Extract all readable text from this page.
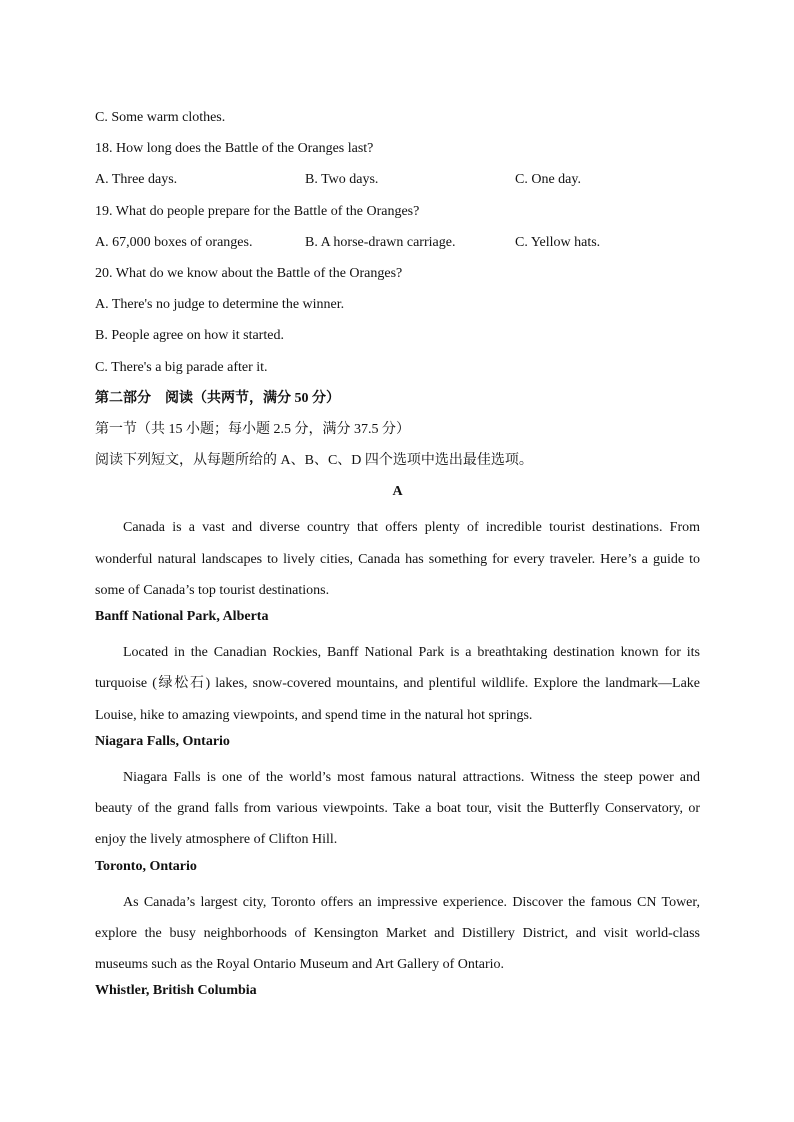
C. Some warm clothes.
18. How long does the Battle of the Oranges last?
A. Three days.	B. Two days.	C. One day.
19. What do people prepare for the Battle of the Oranges?
A. 67,000 boxes of oranges.	B. A horse-drawn carriage.	C. Yellow hats.
20. What do we know about the Battle of the Oranges?
A. There's no judge to determine the winner.
B. People agree on how it started.
C. There's a big parade after it.
第二部分　阅读（共两节，满分 50 分）
第一节（共 15 小题；每小题 2.5 分，满分 37.5 分）
阅读下列短文，从每题所给的 A、B、C、D 四个选项中选出最佳选项。
A
Canada is a vast and diverse country that offers plenty of incredible tourist destinations. From wonderful natural landscapes to lively cities, Canada has something for every traveler. Here’s a guide to some of Canada’s top tourist destinations.
Banff National Park, Alberta
Located in the Canadian Rockies, Banff National Park is a breathtaking destination known for its turquoise (绿松石) lakes, snow-covered mountains, and plentiful wildlife. Explore the landmark—Lake Louise, hike to amazing viewpoints, and spend time in the natural hot springs.
Niagara Falls, Ontario
Niagara Falls is one of the world’s most famous natural attractions. Witness the steep power and beauty of the grand falls from various viewpoints. Take a boat tour, visit the Butterfly Conservatory, or enjoy the lively atmosphere of Clifton Hill.
Toronto, Ontario
As Canada’s largest city, Toronto offers an impressive experience. Discover the famous CN Tower, explore the busy neighborhoods of Kensington Market and Distillery District, and visit world-class museums such as the Royal Ontario Museum and Art Gallery of Ontario.
Whistler, British Columbia
